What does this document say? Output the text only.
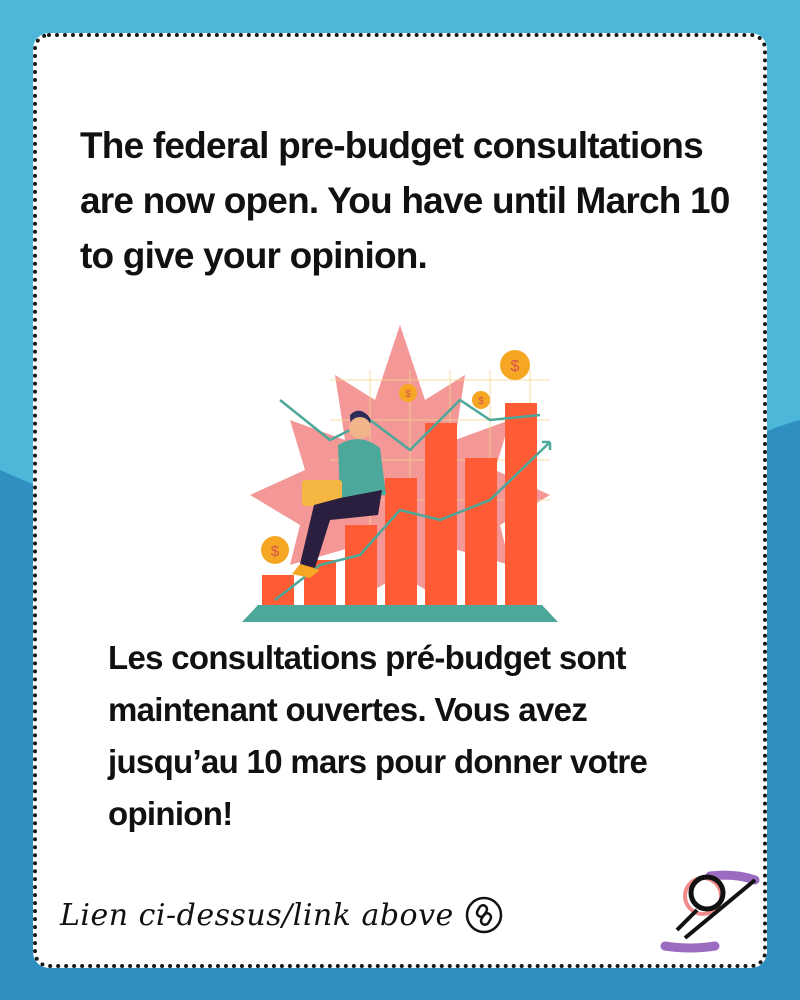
The federal pre-budget consultations are now open. You have until March 10 to give your opinion.
$
$
$
$
Les consultations pré-budget sont maintenant ouvertes. Vous avez jusqu’au 10 mars pour donner votre opinion!
Lien ci-dessus/link above
